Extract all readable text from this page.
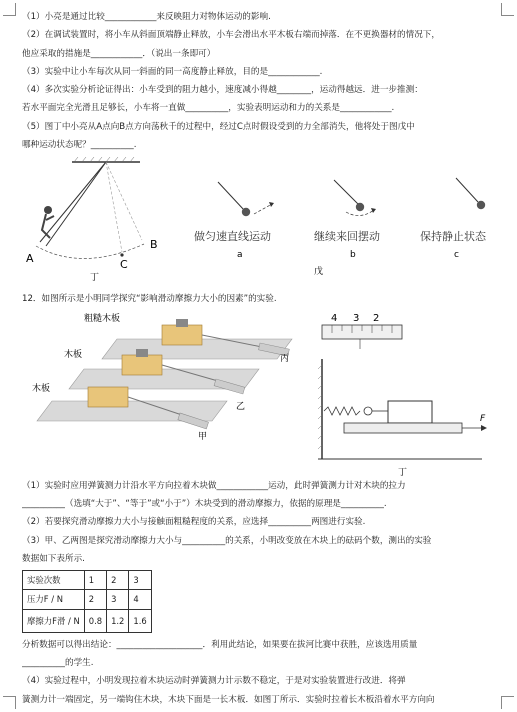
（1）小亮是通过比较____________来反映阻力对物体运动的影响.
（2）在调试装置时，将小车从斜面顶端静止释放，小车会滑出水平木板右端而掉落．在不更换器材的情况下，
他应采取的措施是____________．（说出一条即可）
（3）实验中让小车每次从同一斜面的同一高度静止释放，目的是____________.
（4）多次实验分析论证得出：小车受到的阻力越小，速度减小得越________，运动得越远．进一步推测：
若水平面完全光滑且足够长，小车将一直做__________，实验表明运动和力的关系是____________.
（5）图丁中小亮从A点向B点方向荡秋千的过程中，经过C点时假设受到的力全部消失，他将处于图戊中
哪种运动状态呢？__________.
A
B
C
丁
做匀速直线运动
a
继续来回摆动
b
保持静止状态
c
戊
12．如图所示是小明同学探究“影响滑动摩擦力大小的因素”的实验.
粗糙木板
丙
木板
乙
木板
甲
4 3 2
F
丁
（1）实验时应用弹簧测力计沿水平方向拉着木块做____________运动，此时弹簧测力计对木块的拉力
__________（选填“大于”、“等于”或“小于”）木块受到的滑动摩擦力，依据的原理是__________.
（2）若要探究滑动摩擦力大小与接触面粗糙程度的关系，应选择__________两图进行实验.
（3）甲、乙两图是探究滑动摩擦力大小与__________的关系，小明改变放在木块上的砝码个数，测出的实验
数据如下表所示.
实验次数	1	2	3
压力F / N	2	3	4
摩擦力F滑 / N	0.8	1.2	1.6
分析数据可以得出结论：____________________．利用此结论，如果要在拔河比赛中获胜，应该选用质量
__________的学生.
（4）实验过程中，小明发现拉着木块运动时弹簧测力计示数不稳定，于是对实验装置进行改进．将弹
簧测力计一端固定，另一端钩住木块，木块下面是一长木板．如图丁所示．实验时拉着长木板沿着水平方向向
